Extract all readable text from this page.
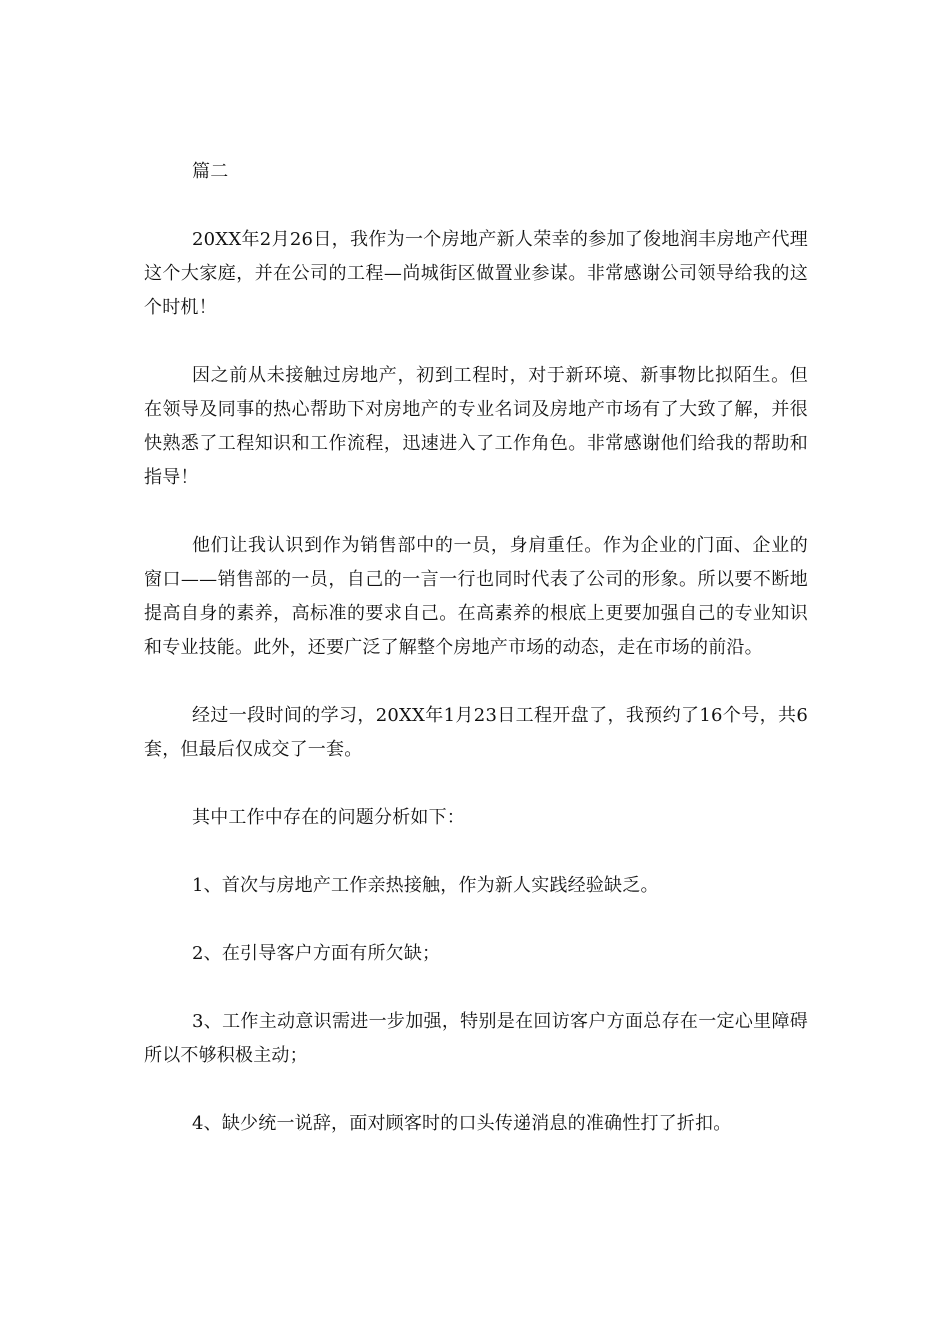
篇二

20XX年2月26日，我作为一个房地产新人荣幸的参加了俊地润丰房地产代理这个大家庭，并在公司的工程—尚城街区做置业参谋。非常感谢公司领导给我的这个时机！

因之前从未接触过房地产，初到工程时，对于新环境、新事物比拟陌生。但在领导及同事的热心帮助下对房地产的专业名词及房地产市场有了大致了解，并很快熟悉了工程知识和工作流程，迅速进入了工作角色。非常感谢他们给我的帮助和指导！

他们让我认识到作为销售部中的一员，身肩重任。作为企业的门面、企业的窗口——销售部的一员，自己的一言一行也同时代表了公司的形象。所以要不断地提高自身的素养，高标准的要求自己。在高素养的根底上更要加强自己的专业知识和专业技能。此外，还要广泛了解整个房地产市场的动态，走在市场的前沿。

经过一段时间的学习，20XX年1月23日工程开盘了，我预约了16个号，共6套，但最后仅成交了一套。

其中工作中存在的问题分析如下：

1、首次与房地产工作亲热接触，作为新人实践经验缺乏。

2、在引导客户方面有所欠缺；

3、工作主动意识需进一步加强，特别是在回访客户方面总存在一定心里障碍所以不够积极主动；

4、缺少统一说辞，面对顾客时的口头传递消息的准确性打了折扣。
